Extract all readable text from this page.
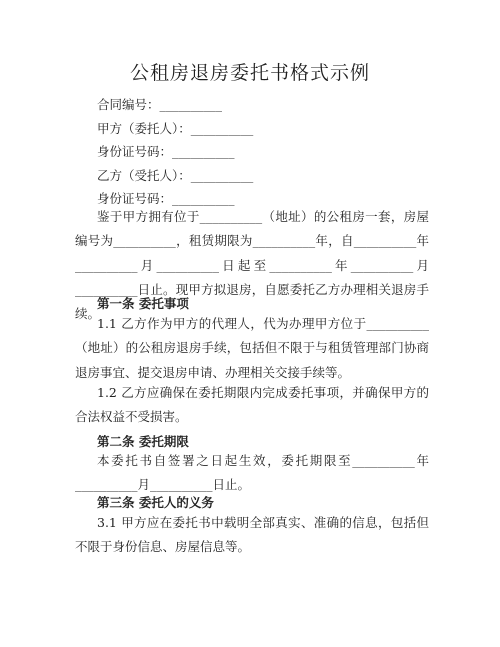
公租房退房委托书格式示例
合同编号：__________
甲方（委托人）：__________
身份证号码：__________
乙方（受托人）：__________
身份证号码：__________
鉴于甲方拥有位于__________（地址）的公租房一套，房屋编号为__________，租赁期限为__________年，自__________年__________月__________日起至__________年__________月__________日止。现甲方拟退房，自愿委托乙方办理相关退房手续。
第一条 委托事项
1.1 乙方作为甲方的代理人，代为办理甲方位于__________（地址）的公租房退房手续，包括但不限于与租赁管理部门协商退房事宜、提交退房申请、办理相关交接手续等。
1.2 乙方应确保在委托期限内完成委托事项，并确保甲方的合法权益不受损害。
第二条 委托期限
本委托书自签署之日起生效，委托期限至__________年__________月__________日止。
第三条 委托人的义务
3.1 甲方应在委托书中载明全部真实、准确的信息，包括但不限于身份信息、房屋信息等。
